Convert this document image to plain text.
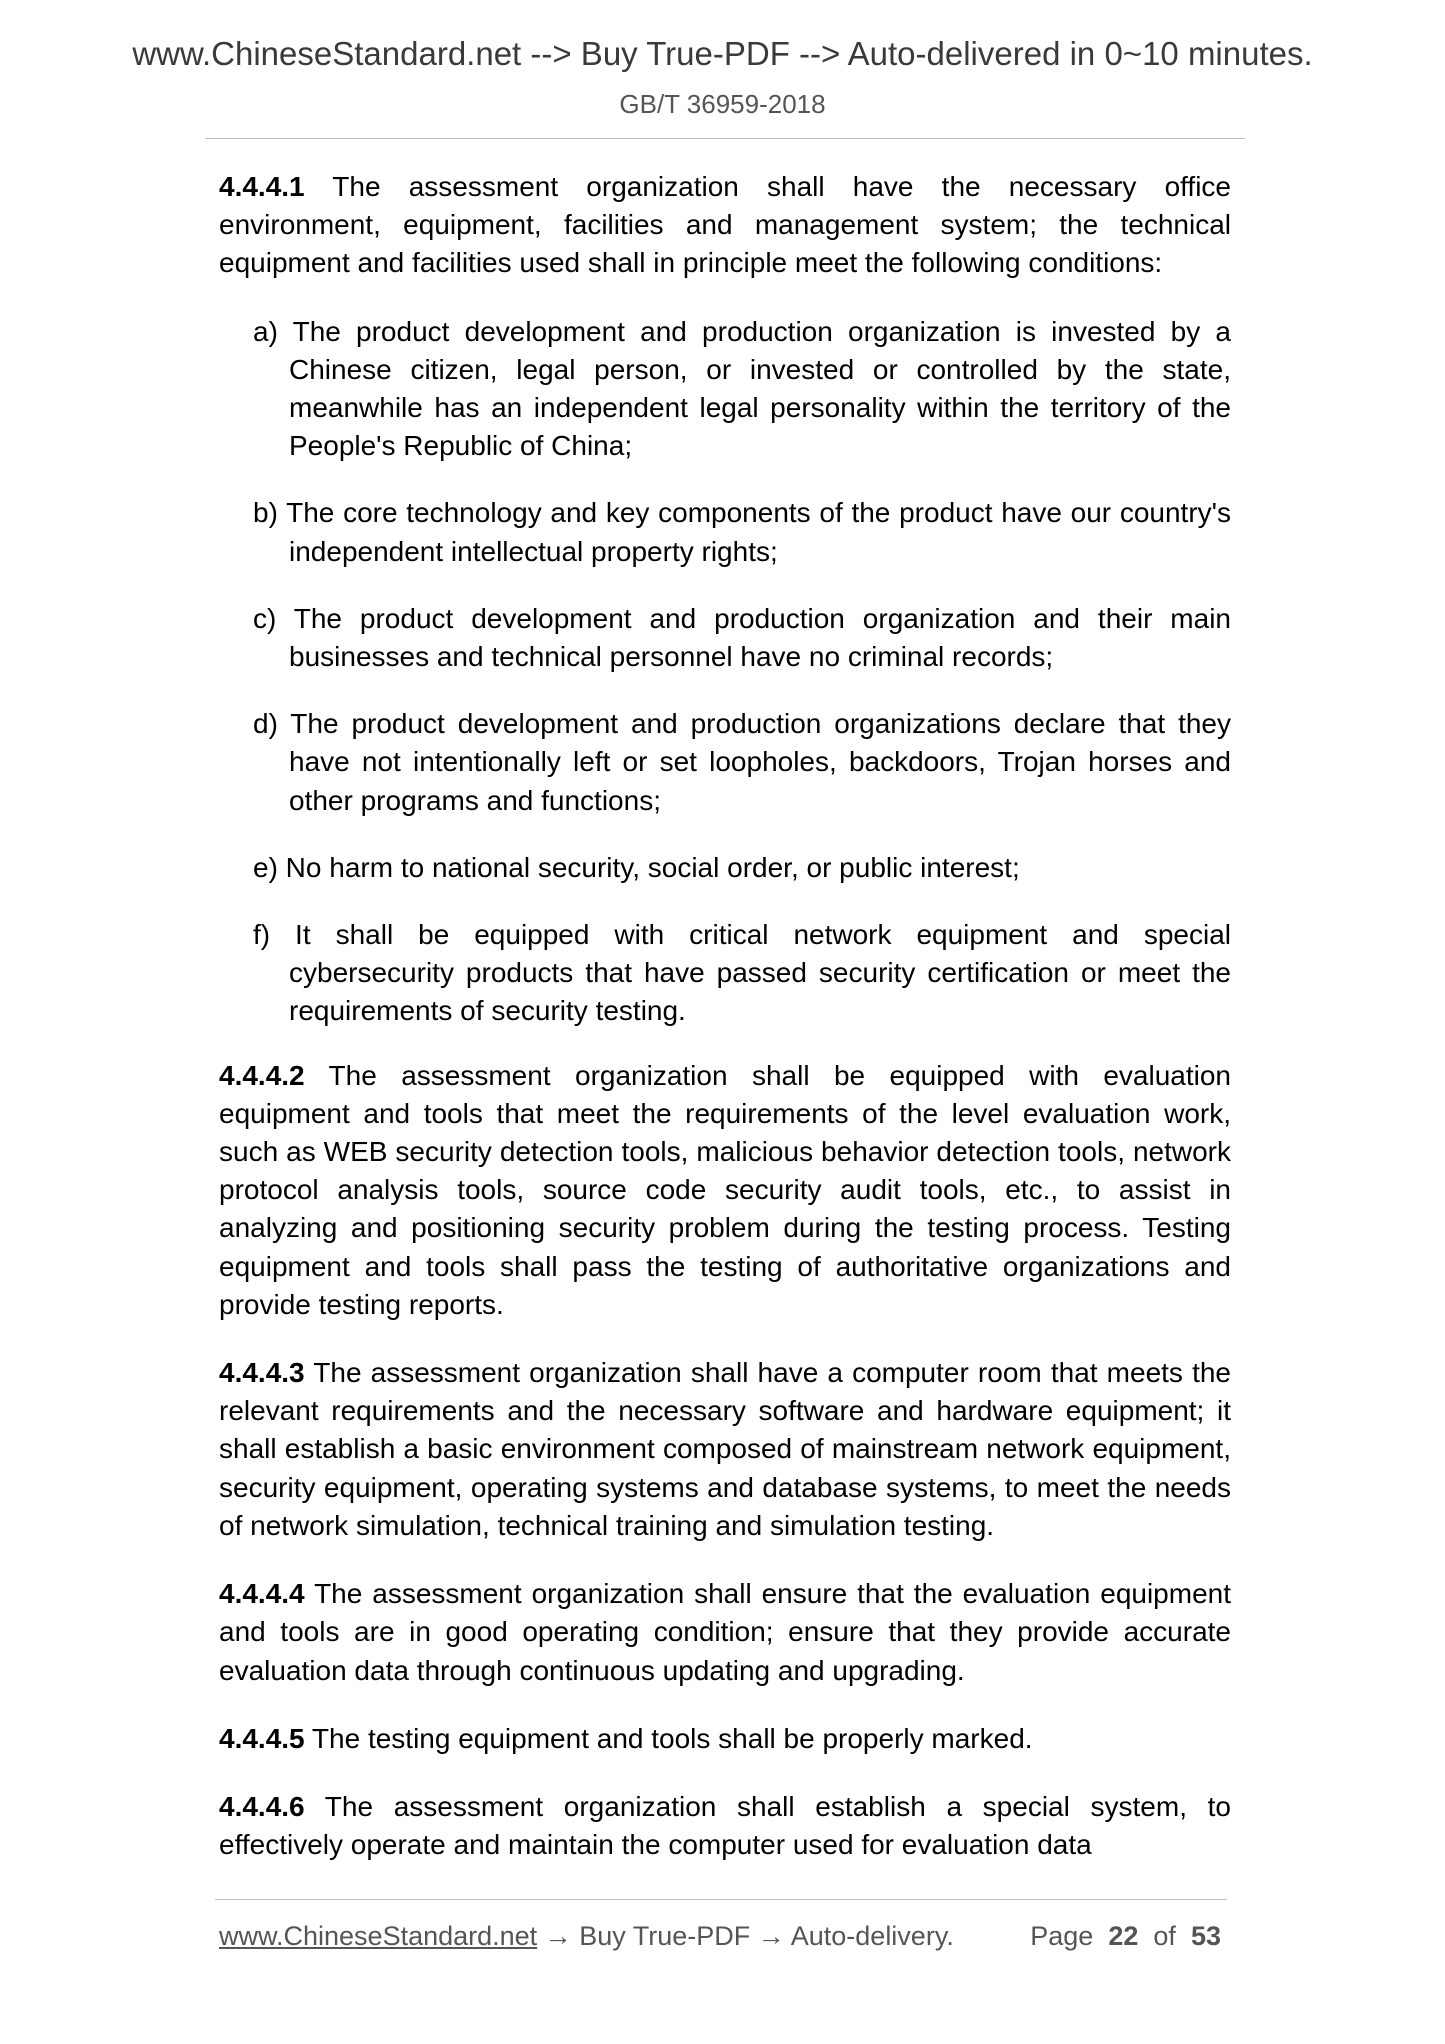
www.ChineseStandard.net --> Buy True-PDF --> Auto-delivered in 0~10 minutes.
GB/T 36959-2018

4.4.4.1 The assessment organization shall have the necessary office environment, equipment, facilities and management system; the technical equipment and facilities used shall in principle meet the following conditions:

a) The product development and production organization is invested by a Chinese citizen, legal person, or invested or controlled by the state, meanwhile has an independent legal personality within the territory of the People's Republic of China;
b) The core technology and key components of the product have our country's independent intellectual property rights;
c) The product development and production organization and their main businesses and technical personnel have no criminal records;
d) The product development and production organizations declare that they have not intentionally left or set loopholes, backdoors, Trojan horses and other programs and functions;
e) No harm to national security, social order, or public interest;
f) It shall be equipped with critical network equipment and special cybersecurity products that have passed security certification or meet the requirements of security testing.

4.4.4.2 The assessment organization shall be equipped with evaluation equipment and tools that meet the requirements of the level evaluation work, such as WEB security detection tools, malicious behavior detection tools, network protocol analysis tools, source code security audit tools, etc., to assist in analyzing and positioning security problem during the testing process. Testing equipment and tools shall pass the testing of authoritative organizations and provide testing reports.

4.4.4.3 The assessment organization shall have a computer room that meets the relevant requirements and the necessary software and hardware equipment; it shall establish a basic environment composed of mainstream network equipment, security equipment, operating systems and database systems, to meet the needs of network simulation, technical training and simulation testing.

4.4.4.4 The assessment organization shall ensure that the evaluation equipment and tools are in good operating condition; ensure that they provide accurate evaluation data through continuous updating and upgrading.

4.4.4.5 The testing equipment and tools shall be properly marked.

4.4.4.6 The assessment organization shall establish a special system, to effectively operate and maintain the computer used for evaluation data

www.ChineseStandard.net → Buy True-PDF → Auto-delivery.	Page 22 of 53
